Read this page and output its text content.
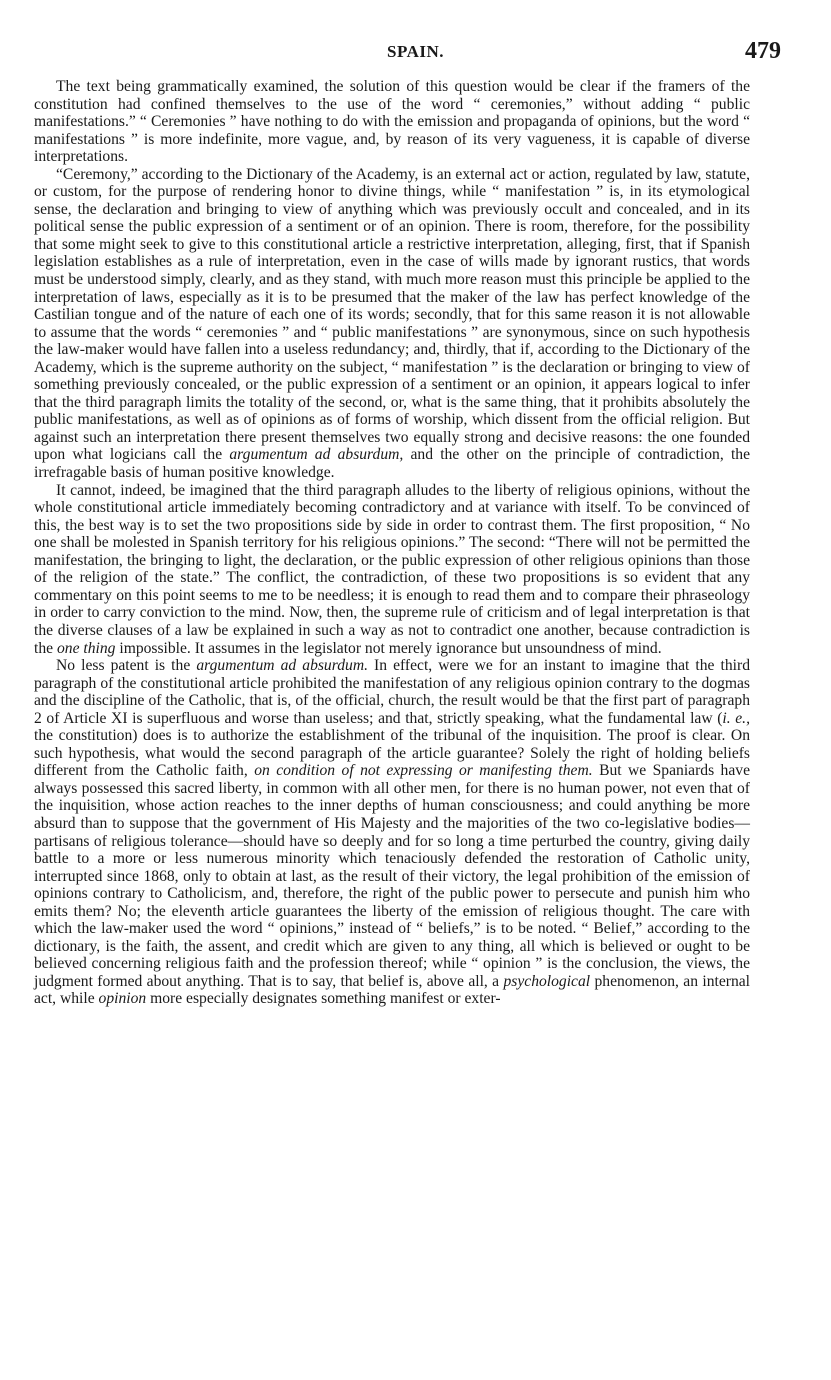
SPAIN.	479

The text being grammatically examined, the solution of this question would be clear if the framers of the constitution had confined themselves to the use of the word “ ceremonies,” without adding “ public manifestations.” “ Ceremonies ” have nothing to do with the emission and propaganda of opinions, but the word “ manifestations ” is more indefinite, more vague, and, by reason of its very vagueness, it is capable of diverse interpretations.

“Ceremony,” according to the Dictionary of the Academy, is an external act or action, regulated by law, statute, or custom, for the purpose of rendering honor to divine things, while “ manifestation ” is, in its etymological sense, the declaration and bringing to view of anything which was previously occult and concealed, and in its political sense the public expression of a sentiment or of an opinion. There is room, therefore, for the possibility that some might seek to give to this constitutional article a restrictive interpretation, alleging, first, that if Spanish legislation establishes as a rule of interpretation, even in the case of wills made by ignorant rustics, that words must be understood simply, clearly, and as they stand, with much more reason must this principle be applied to the interpretation of laws, especially as it is to be presumed that the maker of the law has perfect knowledge of the Castilian tongue and of the nature of each one of its words; secondly, that for this same reason it is not allowable to assume that the words “ ceremonies ” and “ public manifestations ” are synonymous, since on such hypothesis the law-maker would have fallen into a useless redundancy; and, thirdly, that if, according to the Dictionary of the Academy, which is the supreme authority on the subject, “ manifestation ” is the declaration or bringing to view of something previously concealed, or the public expression of a sentiment or an opinion, it appears logical to infer that the third paragraph limits the totality of the second, or, what is the same thing, that it prohibits absolutely the public manifestations, as well as of opinions as of forms of worship, which dissent from the official religion. But against such an interpretation there present themselves two equally strong and decisive reasons: the one founded upon what logicians call the argumentum ad absurdum, and the other on the principle of contradiction, the irrefragable basis of human positive knowledge.

It cannot, indeed, be imagined that the third paragraph alludes to the liberty of religious opinions, without the whole constitutional article immediately becoming contradictory and at variance with itself. To be convinced of this, the best way is to set the two propositions side by side in order to contrast them. The first proposition, “ No one shall be molested in Spanish territory for his religious opinions.” The second: “There will not be permitted the manifestation, the bringing to light, the declaration, or the public expression of other religious opinions than those of the religion of the state.” The conflict, the contradiction, of these two propositions is so evident that any commentary on this point seems to me to be needless; it is enough to read them and to compare their phraseology in order to carry conviction to the mind. Now, then, the supreme rule of criticism and of legal interpretation is that the diverse clauses of a law be explained in such a way as not to contradict one another, because contradiction is the one thing impossible. It assumes in the legislator not merely ignorance but unsoundness of mind.

No less patent is the argumentum ad absurdum. In effect, were we for an instant to imagine that the third paragraph of the constitutional article prohibited the manifestation of any religious opinion contrary to the dogmas and the discipline of the Catholic, that is, of the official, church, the result would be that the first part of paragraph 2 of Article XI is superfluous and worse than useless; and that, strictly speaking, what the fundamental law (i. e., the constitution) does is to authorize the establishment of the tribunal of the inquisition. The proof is clear. On such hypothesis, what would the second paragraph of the article guarantee? Solely the right of holding beliefs different from the Catholic faith, on condition of not expressing or manifesting them. But we Spaniards have always possessed this sacred liberty, in common with all other men, for there is no human power, not even that of the inquisition, whose action reaches to the inner depths of human consciousness; and could anything be more absurd than to suppose that the government of His Majesty and the majorities of the two co-legislative bodies—partisans of religious tolerance—should have so deeply and for so long a time perturbed the country, giving daily battle to a more or less numerous minority which tenaciously defended the restoration of Catholic unity, interrupted since 1868, only to obtain at last, as the result of their victory, the legal prohibition of the emission of opinions contrary to Catholicism, and, therefore, the right of the public power to persecute and punish him who emits them? No; the eleventh article guarantees the liberty of the emission of religious thought. The care with which the law-maker used the word “ opinions,” instead of “ beliefs,” is to be noted. “ Belief,” according to the dictionary, is the faith, the assent, and credit which are given to any thing, all which is believed or ought to be believed concerning religious faith and the profession thereof; while “ opinion ” is the conclusion, the views, the judgment formed about anything. That is to say, that belief is, above all, a psychological phenomenon, an internal act, while opinion more especially designates something manifest or exter-
